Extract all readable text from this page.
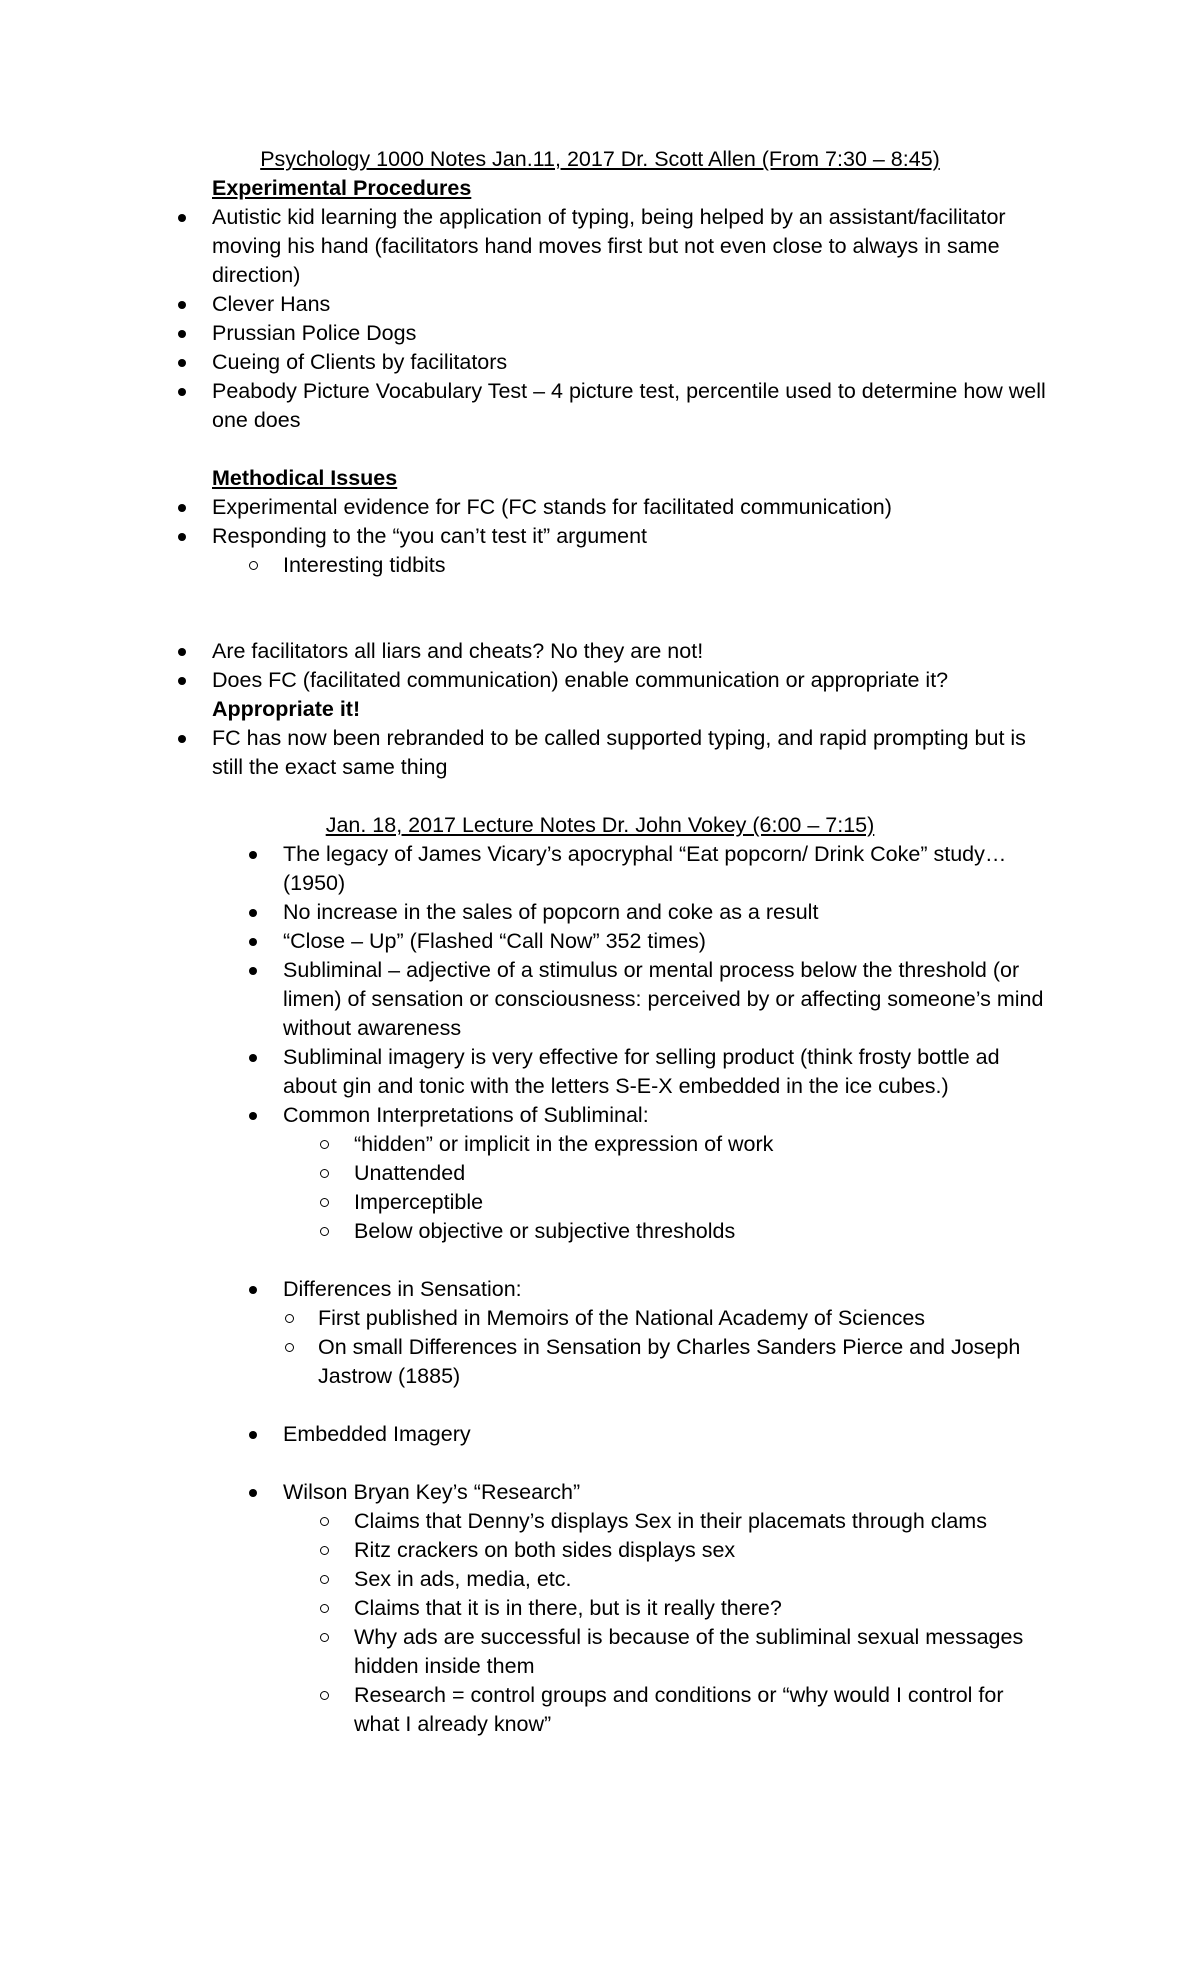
Psychology 1000 Notes Jan.11, 2017 Dr. Scott Allen (From 7:30 – 8:45)
Experimental Procedures
Autistic kid learning the application of typing, being helped by an assistant/facilitator
moving his hand (facilitators hand moves first but not even close to always in same
direction)
Clever Hans
Prussian Police Dogs
Cueing of Clients by facilitators
Peabody Picture Vocabulary Test – 4 picture test, percentile used to determine how well
one does
Methodical Issues
Experimental evidence for FC (FC stands for facilitated communication)
Responding to the “you can’t test it” argument
Interesting tidbits
Are facilitators all liars and cheats? No they are not!
Does FC (facilitated communication) enable communication or appropriate it?
Appropriate it!
FC has now been rebranded to be called supported typing, and rapid prompting but is
still the exact same thing
Jan. 18, 2017 Lecture Notes Dr. John Vokey (6:00 – 7:15)
The legacy of James Vicary’s apocryphal “Eat popcorn/ Drink Coke” study…
(1950)
No increase in the sales of popcorn and coke as a result
“Close – Up” (Flashed “Call Now” 352 times)
Subliminal – adjective of a stimulus or mental process below the threshold (or
limen) of sensation or consciousness: perceived by or affecting someone’s mind
without awareness
Subliminal imagery is very effective for selling product (think frosty bottle ad
about gin and tonic with the letters S-E-X embedded in the ice cubes.)
Common Interpretations of Subliminal:
“hidden” or implicit in the expression of work
Unattended
Imperceptible
Below objective or subjective thresholds
Differences in Sensation:
First published in Memoirs of the National Academy of Sciences
On small Differences in Sensation by Charles Sanders Pierce and Joseph
Jastrow (1885)
Embedded Imagery
Wilson Bryan Key’s “Research”
Claims that Denny’s displays Sex in their placemats through clams
Ritz crackers on both sides displays sex
Sex in ads, media, etc.
Claims that it is in there, but is it really there?
Why ads are successful is because of the subliminal sexual messages
hidden inside them
Research = control groups and conditions or “why would I control for
what I already know”
